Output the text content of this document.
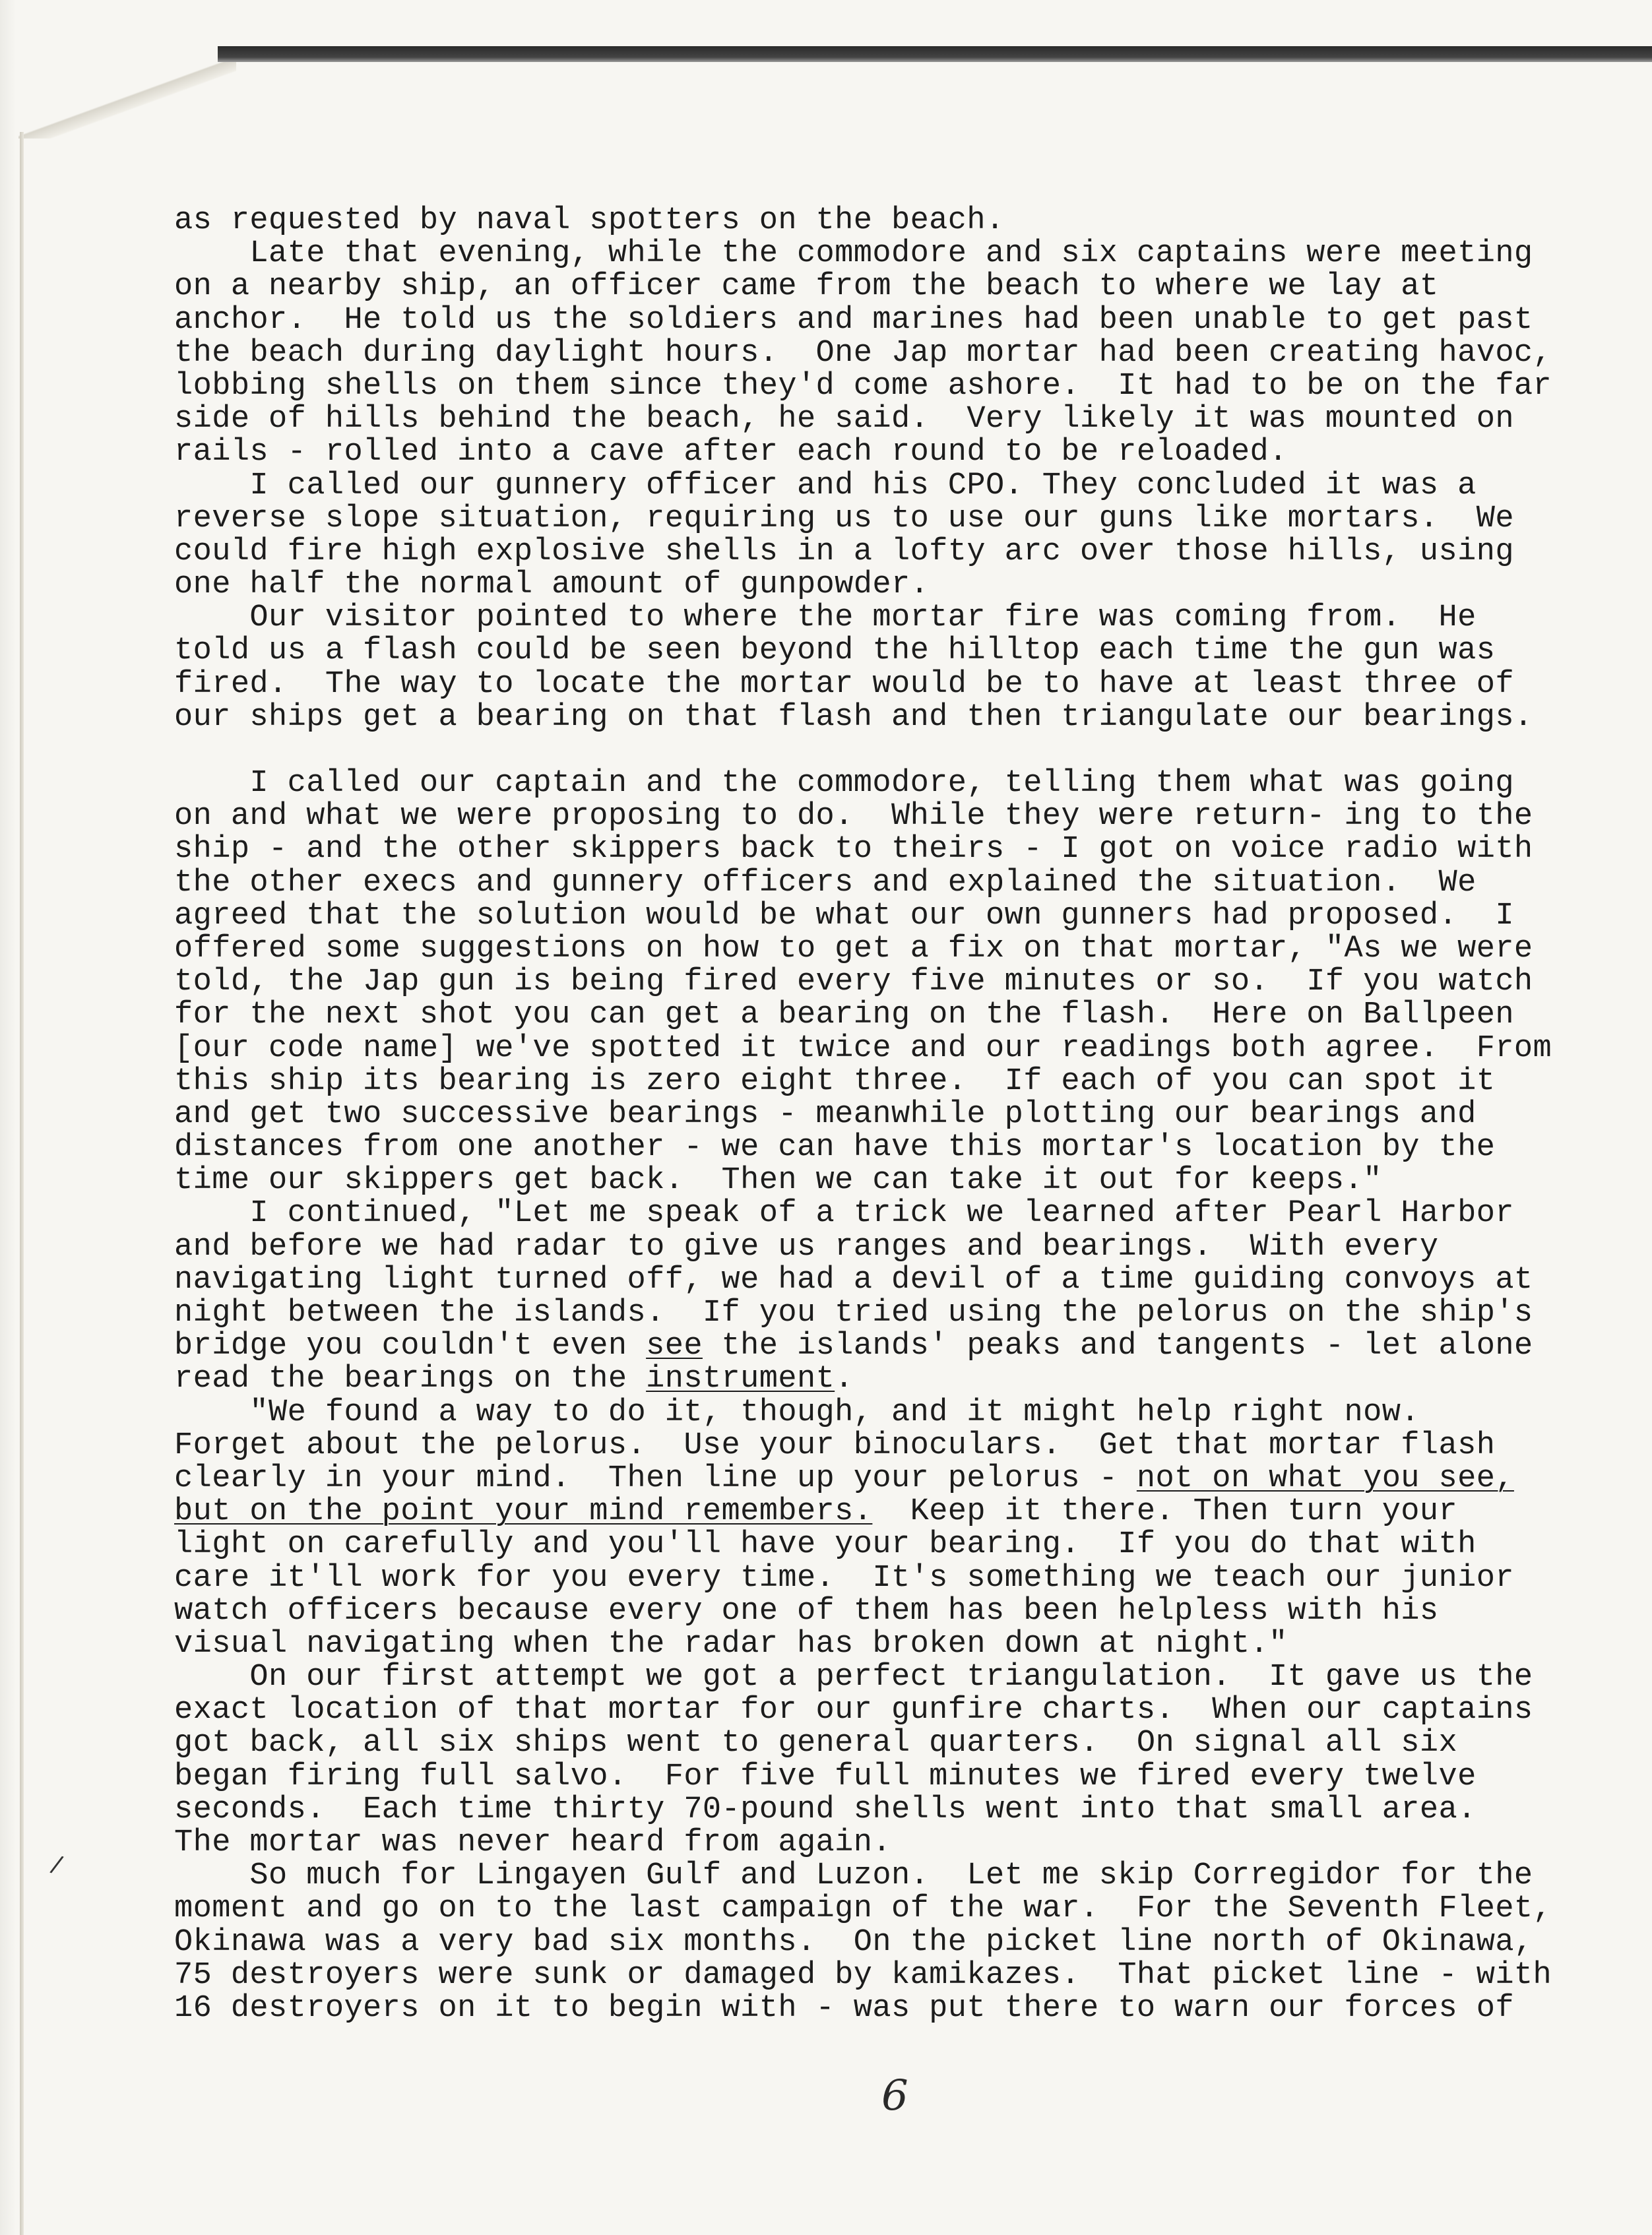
as requested by naval spotters on the beach.
Late that evening, while the commodore and six captains were meeting
on a nearby ship, an officer came from the beach to where we lay at
anchor.  He told us the soldiers and marines had been unable to get past
the beach during daylight hours.  One Jap mortar had been creating havoc,
lobbing shells on them since they'd come ashore.  It had to be on the far
side of hills behind the beach, he said.  Very likely it was mounted on
rails - rolled into a cave after each round to be reloaded.
I called our gunnery officer and his CPO. They concluded it was a
reverse slope situation, requiring us to use our guns like mortars.  We
could fire high explosive shells in a lofty arc over those hills, using
one half the normal amount of gunpowder.
Our visitor pointed to where the mortar fire was coming from.  He
told us a flash could be seen beyond the hilltop each time the gun was
fired.  The way to locate the mortar would be to have at least three of
our ships get a bearing on that flash and then triangulate our bearings.
I called our captain and the commodore, telling them what was going
on and what we were proposing to do.  While they were return- ing to the
ship - and the other skippers back to theirs - I got on voice radio with
the other execs and gunnery officers and explained the situation.  We
agreed that the solution would be what our own gunners had proposed.  I
offered some suggestions on how to get a fix on that mortar, "As we were
told, the Jap gun is being fired every five minutes or so.  If you watch
for the next shot you can get a bearing on the flash.  Here on Ballpeen
[our code name] we've spotted it twice and our readings both agree.  From
this ship its bearing is zero eight three.  If each of you can spot it
and get two successive bearings - meanwhile plotting our bearings and
distances from one another - we can have this mortar's location by the
time our skippers get back.  Then we can take it out for keeps."
I continued, "Let me speak of a trick we learned after Pearl Harbor
and before we had radar to give us ranges and bearings.  With every
navigating light turned off, we had a devil of a time guiding convoys at
night between the islands.  If you tried using the pelorus on the ship's
bridge you couldn't even see the islands' peaks and tangents - let alone
read the bearings on the instrument.
"We found a way to do it, though, and it might help right now.
Forget about the pelorus.  Use your binoculars.  Get that mortar flash
clearly in your mind.  Then line up your pelorus - not on what you see,
but on the point your mind remembers.  Keep it there. Then turn your
light on carefully and you'll have your bearing.  If you do that with
care it'll work for you every time.  It's something we teach our junior
watch officers because every one of them has been helpless with his
visual navigating when the radar has broken down at night."
On our first attempt we got a perfect triangulation.  It gave us the
exact location of that mortar for our gunfire charts.  When our captains
got back, all six ships went to general quarters.  On signal all six
began firing full salvo.  For five full minutes we fired every twelve
seconds.  Each time thirty 70-pound shells went into that small area.
The mortar was never heard from again.
So much for Lingayen Gulf and Luzon.  Let me skip Corregidor for the
moment and go on to the last campaign of the war.  For the Seventh Fleet,
Okinawa was a very bad six months.  On the picket line north of Okinawa,
75 destroyers were sunk or damaged by kamikazes.  That picket line - with
16 destroyers on it to begin with - was put there to warn our forces of
/
6
